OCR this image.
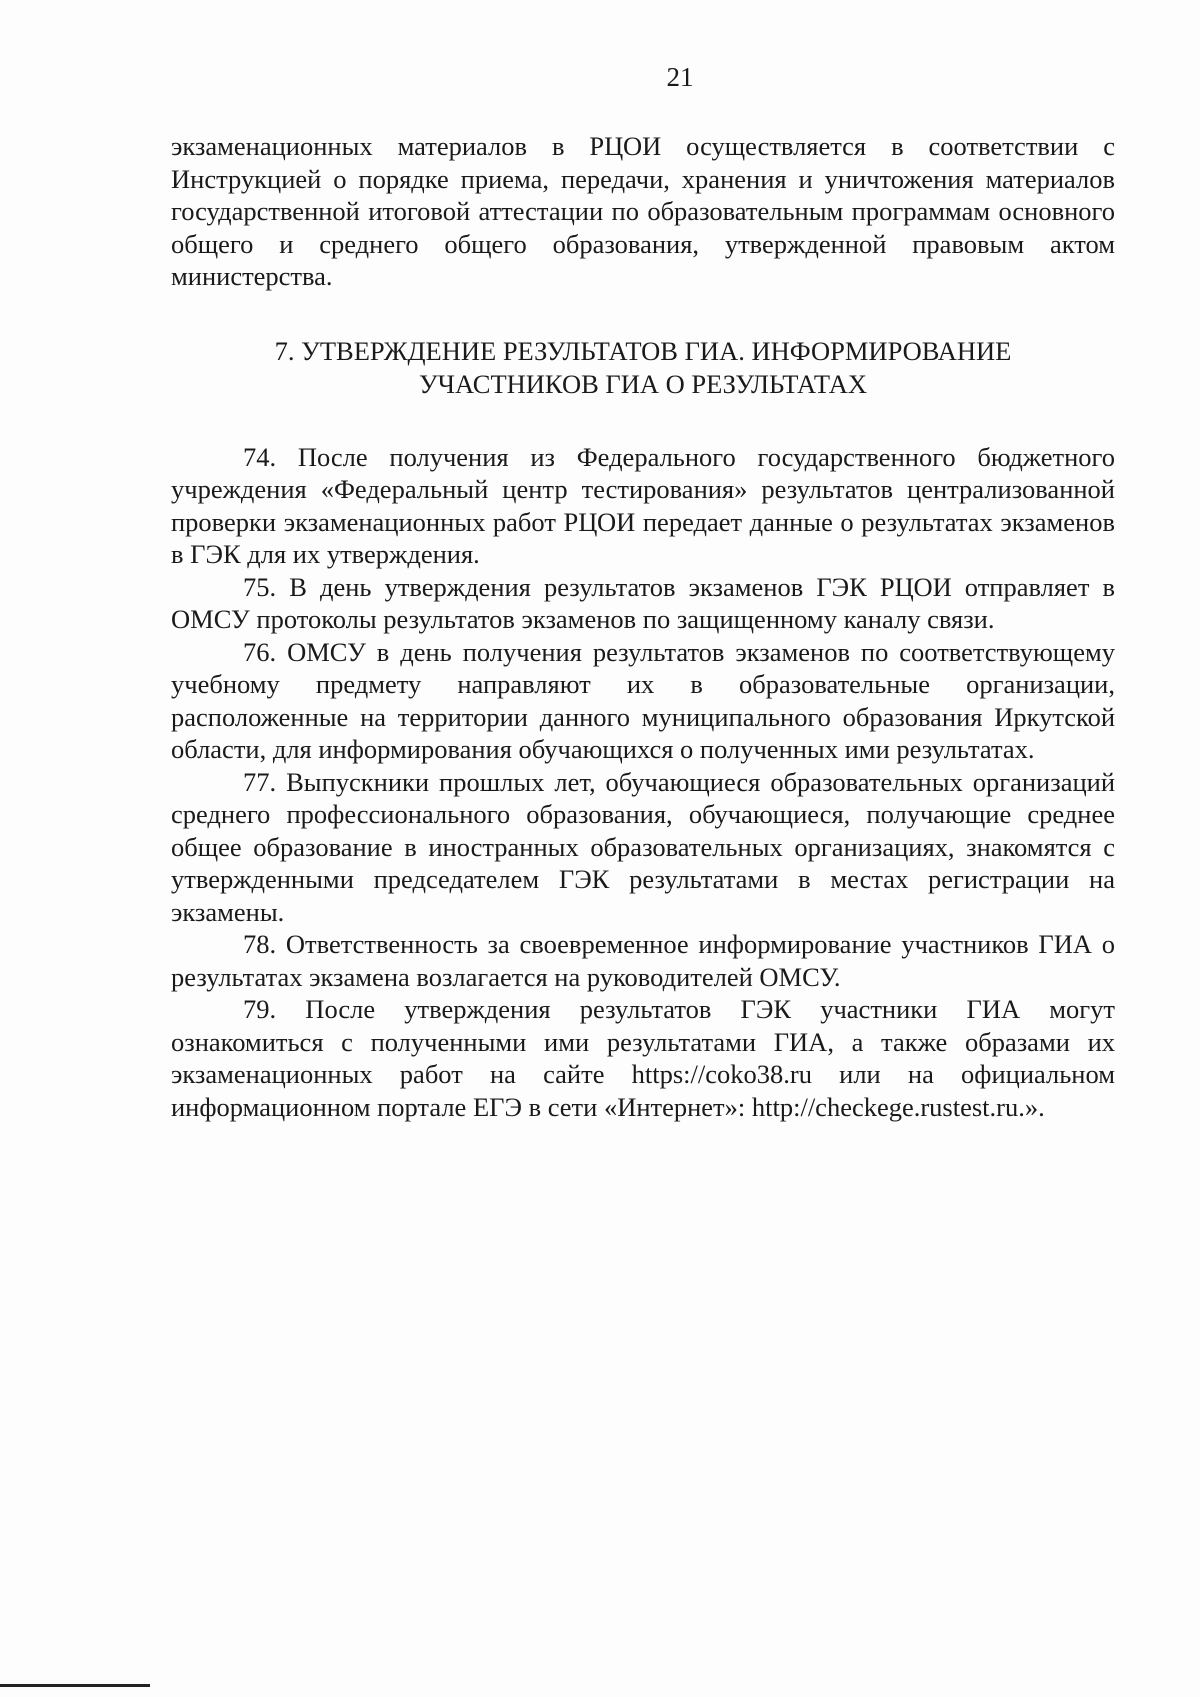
21

экзаменационных материалов в РЦОИ осуществляется в соответствии с Инструкцией о порядке приема, передачи, хранения и уничтожения материалов государственной итоговой аттестации по образовательным программам основного общего и среднего общего образования, утвержденной правовым актом министерства.

7. УТВЕРЖДЕНИЕ РЕЗУЛЬТАТОВ ГИА. ИНФОРМИРОВАНИЕ
УЧАСТНИКОВ ГИА О РЕЗУЛЬТАТАХ

74. После получения из Федерального государственного бюджетного учреждения «Федеральный центр тестирования» результатов централизованной проверки экзаменационных работ РЦОИ передает данные о результатах экзаменов в ГЭК для их утверждения.

75. В день утверждения результатов экзаменов ГЭК РЦОИ отправляет в ОМСУ протоколы результатов экзаменов по защищенному каналу связи.

76. ОМСУ в день получения результатов экзаменов по соответствующему учебному предмету направляют их в образовательные организации, расположенные на территории данного муниципального образования Иркутской области, для информирования обучающихся о полученных ими результатах.

77. Выпускники прошлых лет, обучающиеся образовательных организаций среднего профессионального образования, обучающиеся, получающие среднее общее образование в иностранных образовательных организациях, знакомятся с утвержденными председателем ГЭК результатами в местах регистрации на экзамены.

78. Ответственность за своевременное информирование участников ГИА о результатах экзамена возлагается на руководителей ОМСУ.

79. После утверждения результатов ГЭК участники ГИА могут ознакомиться с полученными ими результатами ГИА, а также образами их экзаменационных работ на сайте https://coko38.ru или на официальном информационном портале ЕГЭ в сети «Интернет»: http://checkege.rustest.ru.».
